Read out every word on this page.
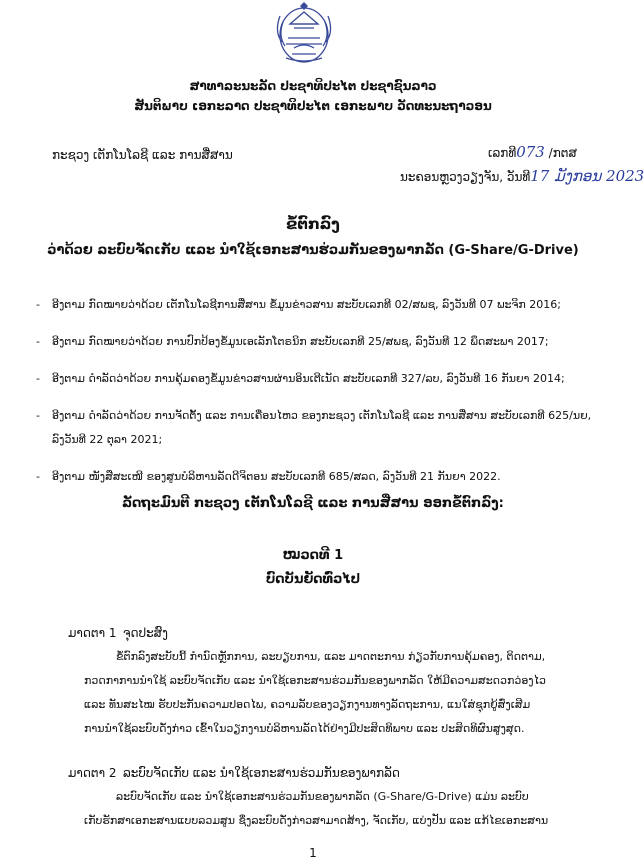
ສາທາລະນະລັດ ປະຊາທິປະໄຕ ປະຊາຊົນລາວ
ສັນຕິພາບ ເອກະລາດ ປະຊາທິປະໄຕ ເອກະພາບ ວັດທະນະຖາວອນ
ກະຊວງ ເຕັກໂນໂລຊີ ແລະ ການສື່ສານ	ເລກທີ073 /ກຕສ
ນະຄອນຫຼວງວຽງຈັນ, ວັນທີ17 ມັງກອນ 2023
ຂໍ້ຕົກລົງ
ວ່າດ້ວຍ ລະບົບຈັດເກັບ ແລະ ນຳໃຊ້ເອກະສານຮ່ວມກັນຂອງພາກລັດ (G-Share/G-Drive)
- ອີງຕາມ ກົດໝາຍວ່າດ້ວຍ ເຕັກໂນໂລຊີການສື່ສານ ຂໍ້ມູນຂ່າວສານ ສະບັບເລກທີ 02/ສພຊ, ລົງວັນທີ 07 ພະຈິກ 2016;
- ອີງຕາມ ກົດໝາຍວ່າດ້ວຍ ການປົກປ້ອງຂໍ້ມູນເອເລັກໂຕຣນິກ ສະບັບເລກທີ 25/ສພຊ, ລົງວັນທີ 12 ພຶດສະພາ 2017;
- ອີງຕາມ ດຳລັດວ່າດ້ວຍ ການຄຸ້ມຄອງຂໍ້ມູນຂ່າວສານຜ່ານອິນເຕີເນັດ ສະບັບເລກທີ 327/ລບ, ລົງວັນທີ 16 ກັນຍາ 2014;
- ອີງຕາມ ດຳລັດວ່າດ້ວຍ ການຈັດຕັ້ງ ແລະ ການເຄື່ອນໄຫວ ຂອງກະຊວງ ເຕັກໂນໂລຊີ ແລະ ການສື່ສານ ສະບັບເລກທີ 625/ນຍ, ລົງວັນທີ 22 ຕຸລາ 2021;
- ອີງຕາມ ໜັງສືສະເໜີ ຂອງສູນບໍລິຫານລັດດີຈິຕອນ ສະບັບເລກທີ 685/ສລດ, ລົງວັນທີ 21 ກັນຍາ 2022.
ລັດຖະມົນຕີ ກະຊວງ ເຕັກໂນໂລຊີ ແລະ ການສື່ສານ ອອກຂໍ້ຕົກລົງ:
ໝວດທີ 1
ບົດບັນຍັດທົ່ວໄປ
ມາດຕາ 1 ຈຸດປະສົງ
ຂໍ້ຕົກລົງສະບັບນີ້ ກຳນົດຫຼັກການ, ລະບຽບການ, ແລະ ມາດຕະການ ກ່ຽວກັບການຄຸ້ມຄອງ, ຕິດຕາມ,
ກວດກາການນຳໃຊ້ ລະບົບຈັດເກັບ ແລະ ນຳໃຊ້ເອກະສານຮ່ວມກັນຂອງພາກລັດ ໃຫ້ມີຄວາມສະດວກວ່ອງໄວ
ແລະ ທັນສະໄໝ ຮັບປະກັນຄວາມປອດໄພ, ຄວາມລັບຂອງວຽກງານທາງລັດຖະການ, ແນໃສ່ຊຸກຍູ້ສົ່ງເສີມ
ການນຳໃຊ້ລະບົບດັ່ງກ່າວ ເຂົ້າໃນວຽກງານບໍລິຫານລັດໄດ້ຢ່າງມີປະສິດທິພາບ ແລະ ປະສິດທິຜົນສູງສຸດ.
ມາດຕາ 2 ລະບົບຈັດເກັບ ແລະ ນຳໃຊ້ເອກະສານຮ່ວມກັນຂອງພາກລັດ
ລະບົບຈັດເກັບ ແລະ ນຳໃຊ້ເອກະສານຮ່ວມກັນຂອງພາກລັດ (G-Share/G-Drive) ແມ່ນ ລະບົບ
ເກັບຮັກສາເອກະສານແບບລວມສູນ ຊຶ່ງລະບົບດັ່ງກ່າວສາມາດສ້າງ, ຈັດເກັບ, ແບ່ງປັນ ແລະ ແກ້ໄຂເອກະສານ
1
